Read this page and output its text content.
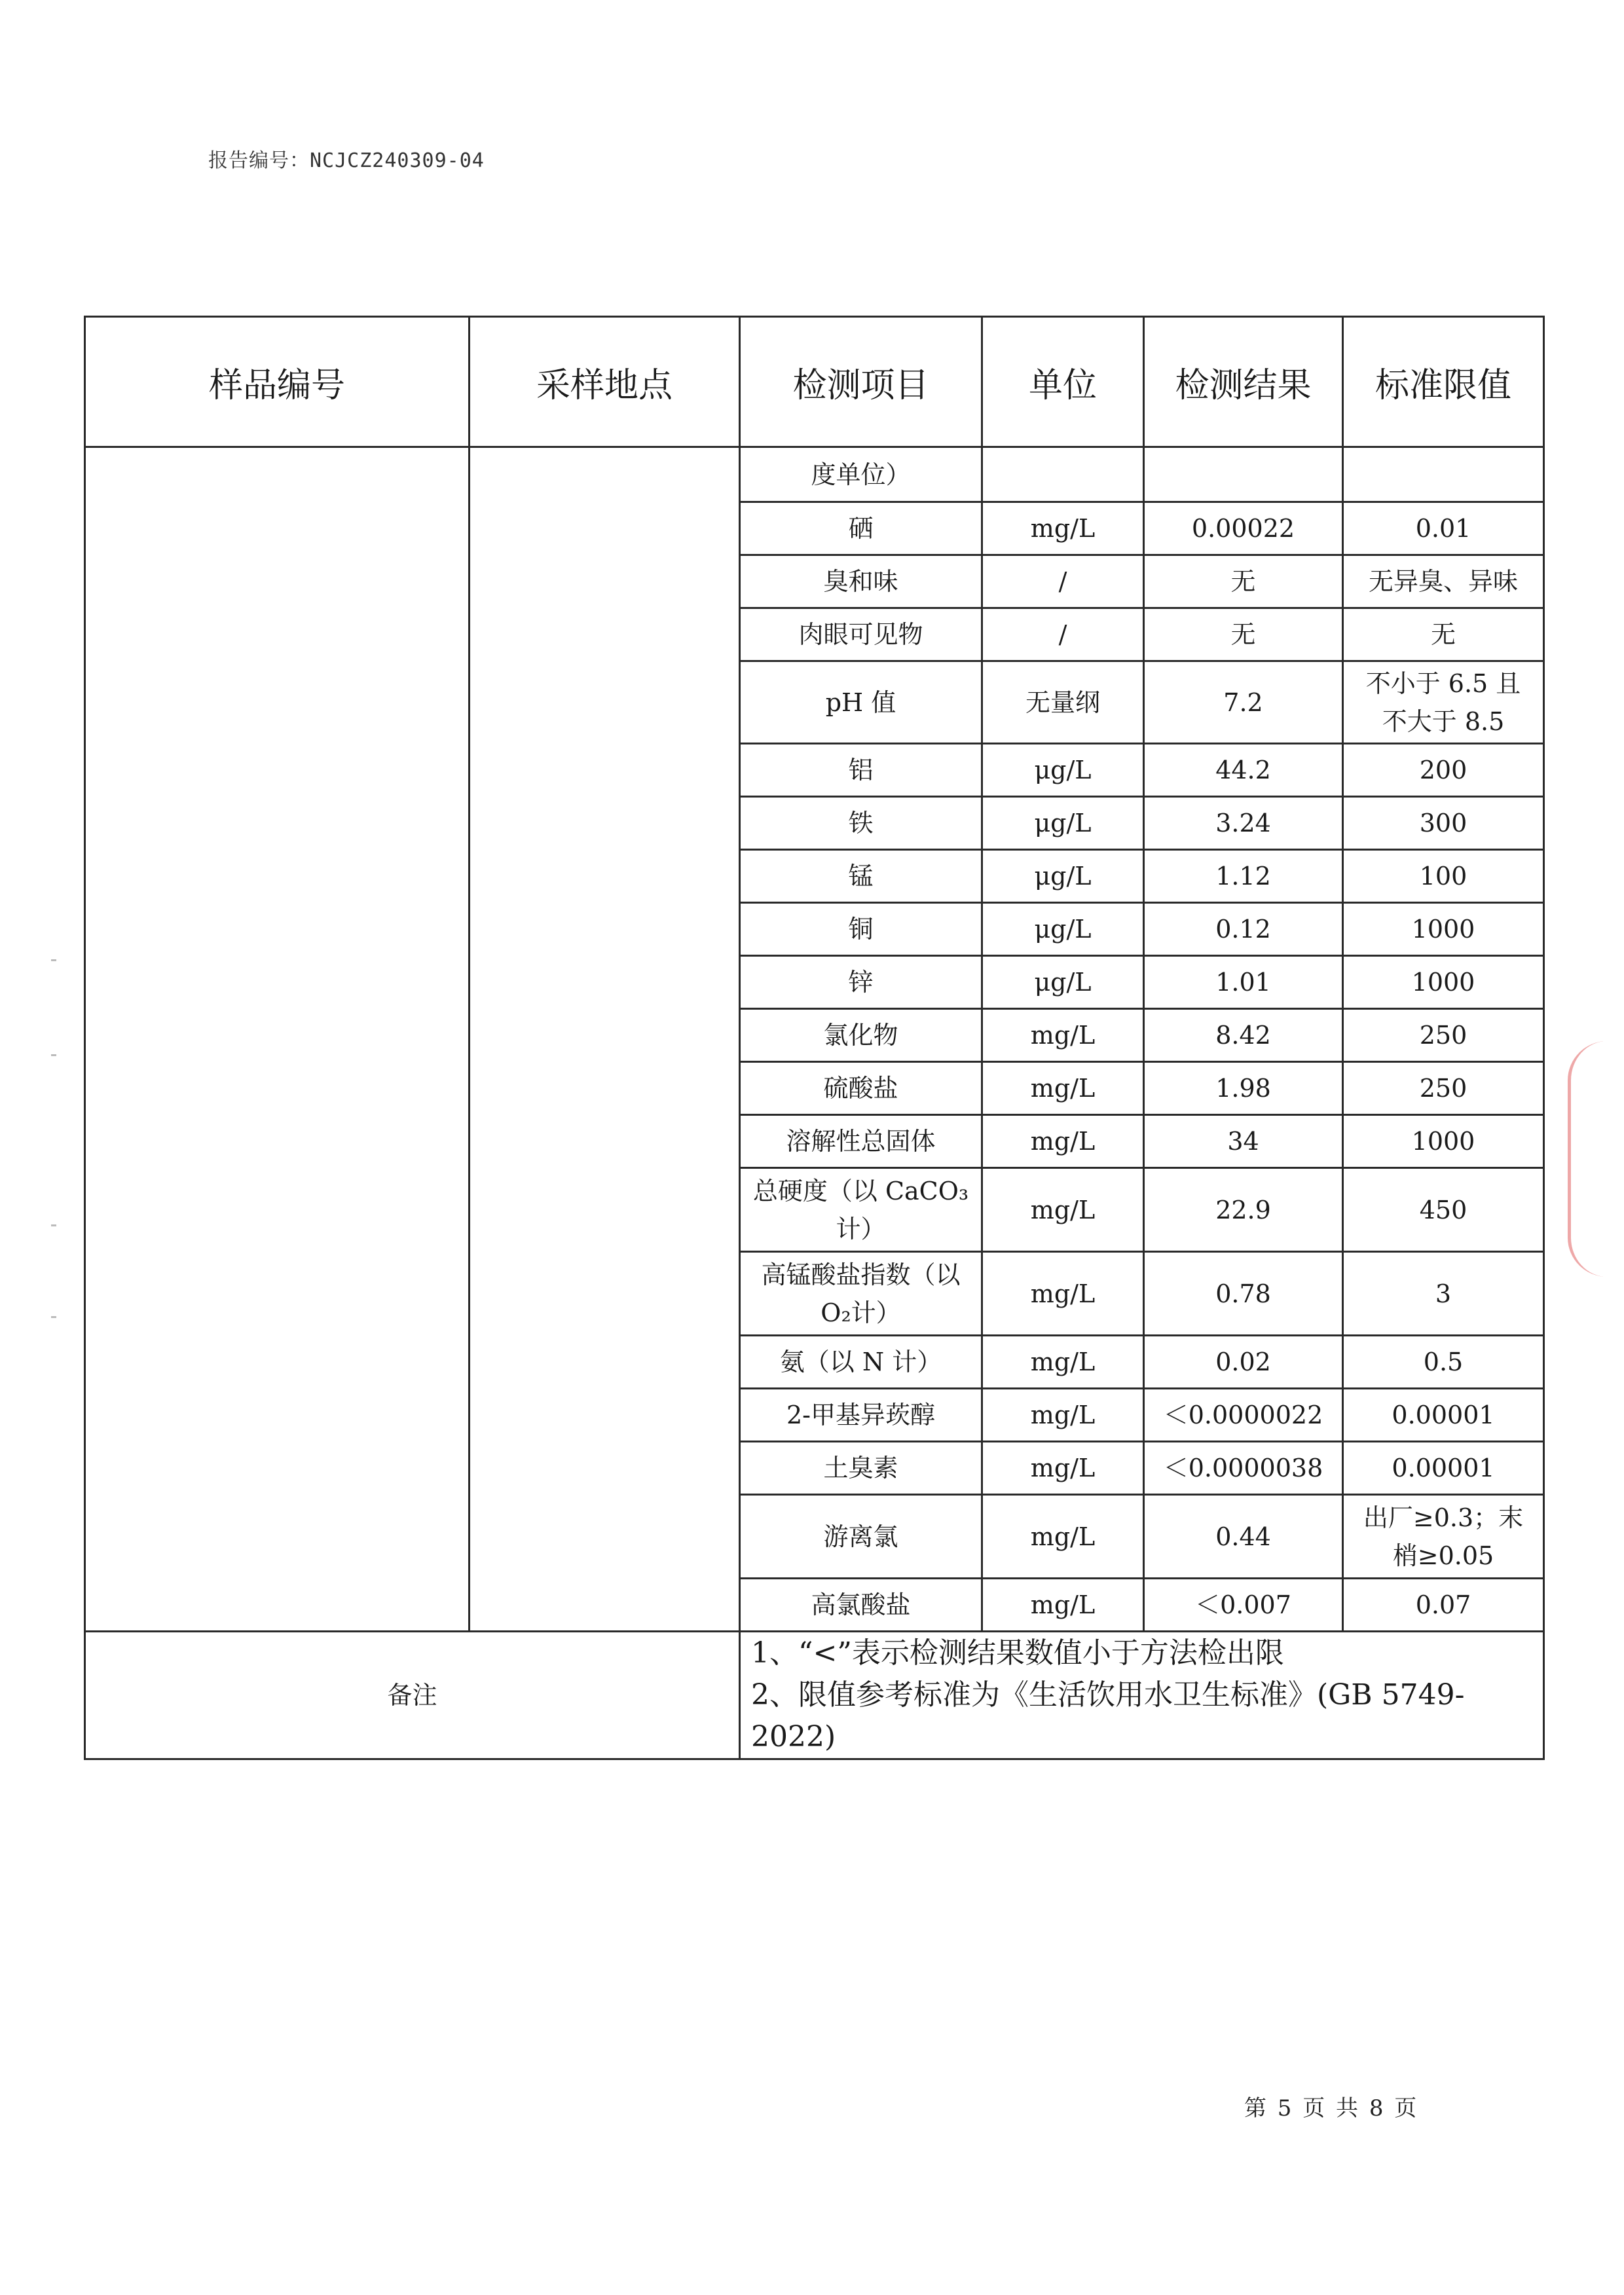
报告编号：NCJCZ240309-04
样品编号	采样地点	检测项目	单位	检测结果	标准限值
		度单位）			
		硒	mg/L	0.00022	0.01
		臭和味	/	无	无异臭、异味
		肉眼可见物	/	无	无
		pH 值	无量纲	7.2	不小于 6.5 且
不大于 8.5

		铝	μg/L	44.2	200
		铁	μg/L	3.24	300
		锰	μg/L	1.12	100
		铜	μg/L	0.12	1000
		锌	μg/L	1.01	1000
		氯化物	mg/L	8.42	250
		硫酸盐	mg/L	1.98	250
		溶解性总固体	mg/L	34	1000

		总硬度（以 CaCO₃
计）	mg/L	22.9	450

		高锰酸盐指数（以
O₂计）	mg/L	0.78	3
		氨（以 N 计）	mg/L	0.02	0.5
		2-甲基异莰醇	mg/L	＜0.0000022	0.00001
		土臭素	mg/L	＜0.0000038	0.00001
		游离氯	mg/L	0.44	出厂≥0.3；末
梢≥0.05

		高氯酸盐	mg/L	＜0.007	0.07
备注		1、“<”表示检测结果数值小于方法检出限
2、限值参考标准为《生活饮用水卫生标准》(GB 5749-2022)			
第 5 页 共 8 页
